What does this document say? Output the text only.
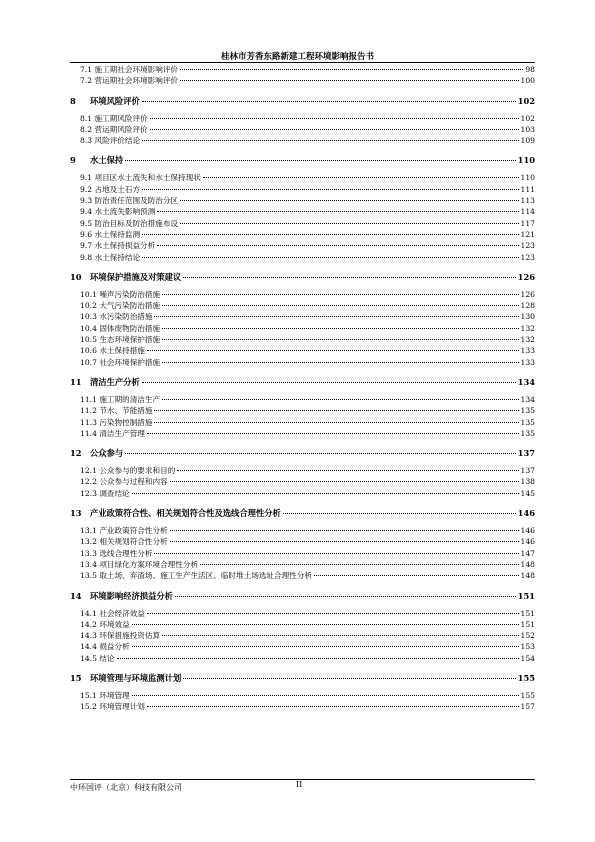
桂林市芳香东路新建工程环境影响报告书
7.1 施工期社会环境影响评价	98
7.2 营运期社会环境影响评价	100
8 环境风险评价	102
8.1 施工期风险评价	102
8.2 营运期风险评价	103
8.3 风险评价结论	109
9 水土保持	110
9.1 项目区水土流失和水土保持现状	110
9.2 占地及土石方	111
9.3 防治责任范围及防治分区	113
9.4 水土流失影响预测	114
9.5 防治目标及防治措施布设	117
9.6 水土保持监测	121
9.7 水土保持损益分析	123
9.8 水土保持结论	123
10 环境保护措施及对策建议	126
10.1 噪声污染防治措施	126
10.2 大气污染防治措施	128
10.3 水污染防治措施	130
10.4 固体废物防治措施	132
10.5 生态环境保护措施	132
10.6 水土保持措施	133
10.7 社会环境保护措施	133
11 清洁生产分析	134
11.1 施工期的清洁生产	134
11.2 节水、节能措施	135
11.3 污染物控制措施	135
11.4 清洁生产管理	135
12 公众参与	137
12.1 公众参与的要求和目的	137
12.2 公众参与过程和内容	138
12.3 调查结论	145
13 产业政策符合性、相关规划符合性及选线合理性分析	146
13.1 产业政策符合性分析	146
13.2 相关规划符合性分析	146
13.3 选线合理性分析	147
13.4 项目绿化方案环境合理性分析	148
13.5 取土场、弃渣场、施工生产生活区、临时堆土场选址合理性分析	148
14 环境影响经济损益分析	151
14.1 社会经济效益	151
14.2 环境效益	151
14.3 环保措施投资估算	152
14.4 损益分析	153
14.5 结论	154
15 环境管理与环境监测计划	155
15.1 环境管理	155
15.2 环境管理计划	157
中环国评（北京）科技有限公司	II
